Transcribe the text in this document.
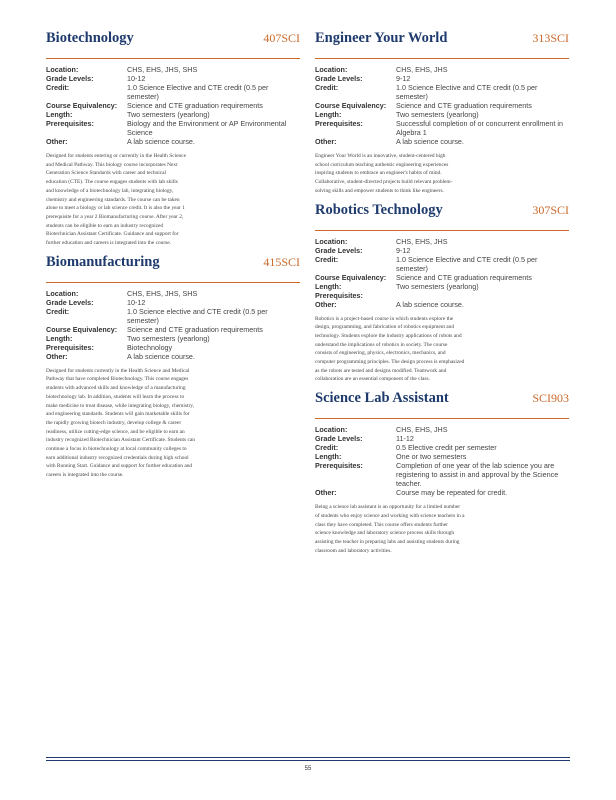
Biotechnology	407SCI
Location:	CHS, EHS, JHS, SHS
Grade Levels:	10-12
Credit:	1.0 Science Elective and CTE credit (0.5 per semester)
Course Equivalency:	Science and CTE graduation requirements
Length:	Two semesters (yearlong)
Prerequisites:	Biology and the Environment or AP Environmental Science
Other:	A lab science course.
Designed for students entering or currently in the Health Science and Medical Pathway. This biology course incorporates Next Generation Science Standards with career and technical education (CTE). The course engages students with lab skills and knowledge of a biotechnology lab, integrating biology, chemistry and engineering standards. The course can be taken alone to meet a biology or lab science credit. It is also the year 1 prerequisite for a year 2 Biomanufacturing course. After year 2, students can be eligible to earn an industry recognized Biotechnician Assistant Certificate. Guidance and support for further education and careers is integrated into the course.
Biomanufacturing	415SCI
Location:	CHS, EHS, JHS, SHS
Grade Levels:	10-12
Credit:	1.0 Science elective and CTE credit (0.5 per semester)
Course Equivalency:	Science and CTE graduation requirements
Length:	Two semesters (yearlong)
Prerequisites:	Biotechnology
Other:	A lab science course.
Designed for students currently in the Health Science and Medical Pathway that have completed Biotechnology. This course engages students with advanced skills and knowledge of a manufacturing biotechnology lab. In addition, students will learn the process to make medicine to treat disease, while integrating biology, chemistry, and engineering standards. Students will gain marketable skills for the rapidly growing biotech industry, develop college & career readiness, utilize cutting-edge science, and be eligible to earn an industry recognized Biotechnician Assistant Certificate. Students can continue a focus in biotechnology at local community colleges to earn additional industry recognized credentials during high school with Running Start. Guidance and support for further education and careers is integrated into the course.
Engineer Your World	313SCI
Location:	CHS, EHS, JHS
Grade Levels:	9-12
Credit:	1.0 Science Elective and CTE credit (0.5 per semester)
Course Equivalency:	Science and CTE graduation requirements
Length:	Two semesters (yearlong)
Prerequisites:	Successful completion of or concurrent enrollment in Algebra 1
Other:	A lab science course.
Engineer Your World is an innovative, student-centered high school curriculum teaching authentic engineering experiences inspiring students to embrace an engineer's habits of mind. Collaborative, student-directed projects build relevant problem-solving skills and empower students to think like engineers.
Robotics Technology	307SCI
Location:	CHS, EHS, JHS
Grade Levels:	9-12
Credit:	1.0 Science Elective and CTE credit (0.5 per semester)
Course Equivalency:	Science and CTE graduation requirements
Length:	Two semesters (yearlong)
Prerequisites:
Other:	A lab science course.
Robotics is a project-based course in which students explore the design, programming, and fabrication of robotics equipment and technology. Students explore the industry applications of robots and understand the implications of robotics in society. The course consists of engineering, physics, electronics, mechanics, and computer programming principles. The design process is emphasized as the robots are tested and designs modified. Teamwork and collaboration are an essential component of the class.
Science Lab Assistant	SCI903
Location:	CHS, EHS, JHS
Grade Levels:	11-12
Credit:	0.5 Elective credit per semester
Length:	One or two semesters
Prerequisites:	Completion of one year of the lab science you are registering to assist in and approval by the Science teacher.
Other:	Course may be repeated for credit.
Being a science lab assistant is an opportunity for a limited number of students who enjoy science and working with science teachers in a class they have completed. This course offers students further science knowledge and laboratory science process skills through assisting the teacher in preparing labs and assisting students during classroom and laboratory activities.
55
